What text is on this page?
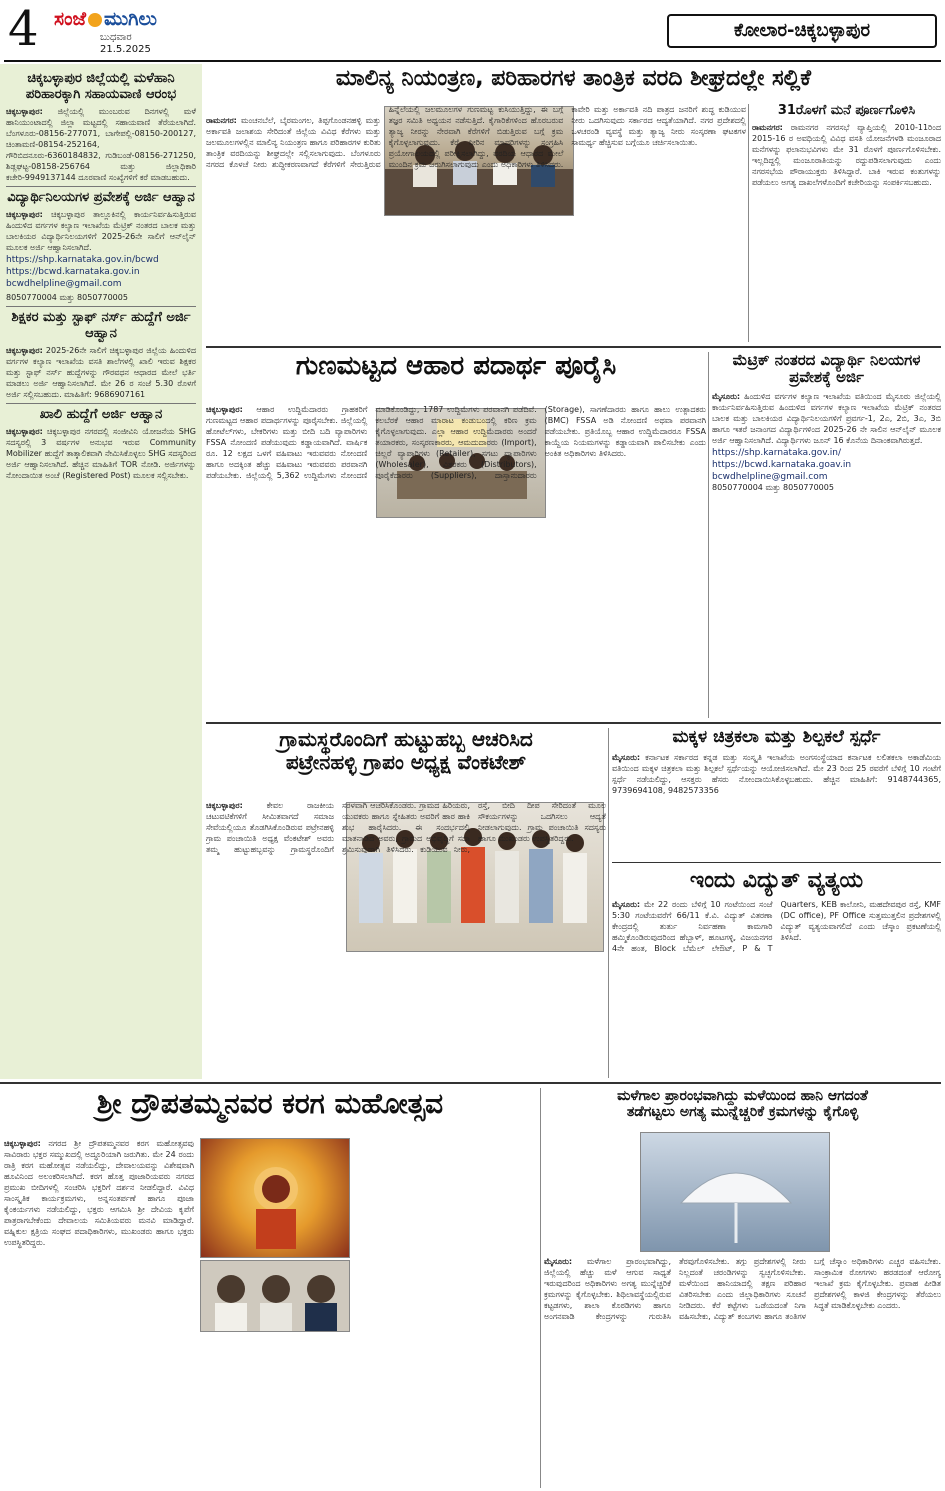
4 ಸಂಜೆ ಮುಗಿಲು
ಬುಧವಾರ
21.5.2025
ಕೋಲಾರ-ಚಿಕ್ಕಬಳ್ಳಾಪುರ
ಚಿಕ್ಕಬಳ್ಳಾಪುರ ಜಿಲ್ಲೆಯಲ್ಲಿ ಮಳೆಹಾನಿ ಪರಿಹಾರಕ್ಕಾಗಿ ಸಹಾಯವಾಣಿ ಆರಂಭ
ಚಿಕ್ಕಬಳ್ಳಾಪುರ: ಜಿಲ್ಲೆಯಲ್ಲಿ ಮುಂಬರುವ ದಿನಗಳಲ್ಲಿ ಮಳೆ ಹಾನಿಯುಂಟಾದಲ್ಲಿ ಜಿಲ್ಲಾ ಮಟ್ಟದಲ್ಲಿ ಸಹಾಯವಾಣಿ ತೆರೆಯಲಾಗಿದೆ. ಬೆಂಗಳೂರು-08156-277071, ಬಾಗೇಪಲ್ಲಿ-08150-200127, ಚಿಂತಾಮಣಿ-08154-252164, ಗೌರಿಬಿದನೂರು-6360184832, ಗುಡಿಬಂಡೆ-08156-271250, ಶಿಡ್ಲಘಟ್ಟ-08158-256764 ಮತ್ತು ಜಿಲ್ಲಾಧಿಕಾರಿ ಕಚೇರಿ-9949137144 ದೂರವಾಣಿ ಸಂಖ್ಯೆಗಳಿಗೆ ಕರೆ ಮಾಡಬಹುದು.
ವಿದ್ಯಾರ್ಥಿನಿಲಯಗಳ ಪ್ರವೇಶಕ್ಕೆ ಅರ್ಜಿ ಆಹ್ವಾನ
ಚಿಕ್ಕಬಳ್ಳಾಪುರ: ಚಿಕ್ಕಬಳ್ಳಾಪುರ ತಾಲ್ಲೂಕಿನಲ್ಲಿ ಕಾರ್ಯನಿರ್ವಹಿಸುತ್ತಿರುವ ಹಿಂದುಳಿದ ವರ್ಗಗಳ ಕಲ್ಯಾಣ ಇಲಾಖೆಯ ಮೆಟ್ರಿಕ್ ನಂತರದ ಬಾಲಕ ಮತ್ತು ಬಾಲಕಿಯರ ವಿದ್ಯಾರ್ಥಿನಿಲಯಗಳಿಗೆ 2025-26ನೇ ಸಾಲಿಗೆ ಆನ್‌ಲೈನ್ ಮೂಲಕ ಅರ್ಜಿ ಆಹ್ವಾನಿಸಲಾಗಿದೆ.
https://shp.karnataka.gov.in/bcwd
https://bcwd.karnataka.gov.in
bcwdhelpline@gmail.com
8050770004 ಮತ್ತು 8050770005
ಶಿಕ್ಷಕರ ಮತ್ತು ಸ್ಟಾಫ್ ನರ್ಸ್ ಹುದ್ದೆಗೆ ಅರ್ಜಿ ಆಹ್ವಾನ
ಚಿಕ್ಕಬಳ್ಳಾಪುರ: 2025-26ನೇ ಸಾಲಿಗೆ ಚಿಕ್ಕಬಳ್ಳಾಪುರ ಜಿಲ್ಲೆಯ ಹಿಂದುಳಿದ ವರ್ಗಗಳ ಕಲ್ಯಾಣ ಇಲಾಖೆಯ ವಸತಿ ಶಾಲೆಗಳಲ್ಲಿ ಖಾಲಿ ಇರುವ ಶಿಕ್ಷಕರ ಮತ್ತು ಸ್ಟಾಫ್ ನರ್ಸ್ ಹುದ್ದೆಗಳನ್ನು ಗೌರವಧನ ಆಧಾರದ ಮೇಲೆ ಭರ್ತಿ ಮಾಡಲು ಅರ್ಜಿ ಆಹ್ವಾನಿಸಲಾಗಿದೆ. ಮೇ 26 ರ ಸಂಜೆ 5.30 ರೊಳಗೆ ಅರ್ಜಿ ಸಲ್ಲಿಸಬಹುದು. ಮಾಹಿತಿಗೆ: 9686907161
ಖಾಲಿ ಹುದ್ದೆಗೆ ಅರ್ಜಿ ಆಹ್ವಾನ
ಚಿಕ್ಕಬಳ್ಳಾಪುರ: ಚಿಕ್ಕಬಳ್ಳಾಪುರ ನಗರದಲ್ಲಿ ಸಂಜೀವಿನಿ ಯೋಜನೆಯ SHG ಸದಸ್ಯರಲ್ಲಿ 3 ವರ್ಷಗಳ ಅನುಭವ ಇರುವ Community Mobilizer ಹುದ್ದೆಗೆ ತಾತ್ಕಾಲಿಕವಾಗಿ ನೇಮಿಸಿಕೊಳ್ಳಲು SHG ಸದಸ್ಯರಿಂದ ಅರ್ಜಿ ಆಹ್ವಾನಿಸಲಾಗಿದೆ. ಹೆಚ್ಚಿನ ಮಾಹಿತಿಗೆ TOR ನೋಡಿ. ಅರ್ಜಿಗಳನ್ನು ನೋಂದಾಯಿತ ಅಂಚೆ (Registered Post) ಮೂಲಕ ಸಲ್ಲಿಸಬೇಕು.
ಮಾಲಿನ್ಯ ನಿಯಂತ್ರಣ, ಪರಿಹಾರಗಳ ತಾಂತ್ರಿಕ ವರದಿ ಶೀಘ್ರದಲ್ಲೇ ಸಲ್ಲಿಕೆ
ರಾಮನಗರ: ಮಂಚನಬೆಲೆ, ಬೈರಮಂಗಲ, ತಿಪ್ಪಗೊಂಡನಹಳ್ಳಿ ಮತ್ತು ಅರ್ಕಾವತಿ ಜಲಾಶಯ ಸೇರಿದಂತೆ ಜಿಲ್ಲೆಯ ವಿವಿಧ ಕೆರೆಗಳು ಮತ್ತು ಜಲಮೂಲಗಳಲ್ಲಿನ ಮಾಲಿನ್ಯ ನಿಯಂತ್ರಣ ಹಾಗೂ ಪರಿಹಾರಗಳ ಕುರಿತು ತಾಂತ್ರಿಕ ವರದಿಯನ್ನು ಶೀಘ್ರದಲ್ಲೇ ಸಲ್ಲಿಸಲಾಗುವುದು. ಬೆಂಗಳೂರು ನಗರದ ಕೊಳಚೆ ನೀರು ಶುದ್ಧೀಕರಣವಾಗದೆ ಕೆರೆಗಳಿಗೆ ಸೇರುತ್ತಿರುವ ಹಿನ್ನೆಲೆಯಲ್ಲಿ ಜಲಮೂಲಗಳ ಗುಣಮಟ್ಟ ಕುಸಿಯುತ್ತಿದ್ದು, ಈ ಬಗ್ಗೆ ತಜ್ಞರ ಸಮಿತಿ ಅಧ್ಯಯನ ನಡೆಸುತ್ತಿದೆ. ಕೈಗಾರಿಕೆಗಳಿಂದ ಹೊರಬರುವ ತ್ಯಾಜ್ಯ ನೀರನ್ನು ನೇರವಾಗಿ ಕೆರೆಗಳಿಗೆ ಬಿಡುತ್ತಿರುವ ಬಗ್ಗೆ ಕ್ರಮ ಕೈಗೊಳ್ಳಲಾಗುವುದು. ಕೆರೆ ನೀರಿನ ಮಾದರಿಗಳನ್ನು ಸಂಗ್ರಹಿಸಿ ಪ್ರಯೋಗಾಲಯದಲ್ಲಿ ಪರೀಕ್ಷಿಸಲಾಗಿದ್ದು, ವರದಿಯ ಆಧಾರದ ಮೇಲೆ ಮುಂದಿನ ಕ್ರಮ ಜರುಗಿಸಲಾಗುವುದು ಎಂದು ಅಧಿಕಾರಿಗಳು ತಿಳಿಸಿದರು. ಕಾವೇರಿ ಮತ್ತು ಅರ್ಕಾವತಿ ನದಿ ಪಾತ್ರದ ಜನರಿಗೆ ಶುದ್ಧ ಕುಡಿಯುವ ನೀರು ಒದಗಿಸುವುದು ಸರ್ಕಾರದ ಆದ್ಯತೆಯಾಗಿದೆ. ನಗರ ಪ್ರದೇಶದಲ್ಲಿ ಒಳಚರಂಡಿ ವ್ಯವಸ್ಥೆ ಮತ್ತು ತ್ಯಾಜ್ಯ ನೀರು ಸಂಸ್ಕರಣಾ ಘಟಕಗಳ ಸಾಮರ್ಥ್ಯ ಹೆಚ್ಚಿಸುವ ಬಗ್ಗೆಯೂ ಚರ್ಚಿಸಲಾಯಿತು.
31ರೊಳಗೆ ಮನೆ ಪೂರ್ಣಗೊಳಿಸಿ
ರಾಮನಗರ: ರಾಮನಗರ ನಗರಸಭೆ ವ್ಯಾಪ್ತಿಯಲ್ಲಿ 2010-11ರಿಂದ 2015-16 ರ ಅವಧಿಯಲ್ಲಿ ವಿವಿಧ ವಸತಿ ಯೋಜನೆಗಳಡಿ ಮಂಜೂರಾದ ಮನೆಗಳನ್ನು ಫಲಾನುಭವಿಗಳು ಮೇ 31 ರೊಳಗೆ ಪೂರ್ಣಗೊಳಿಸಬೇಕು. ಇಲ್ಲದಿದ್ದಲ್ಲಿ ಮಂಜೂರಾತಿಯನ್ನು ರದ್ದುಪಡಿಸಲಾಗುವುದು ಎಂದು ನಗರಸಭೆಯ ಪೌರಾಯುಕ್ತರು ತಿಳಿಸಿದ್ದಾರೆ. ಬಾಕಿ ಇರುವ ಕಂತುಗಳನ್ನು ಪಡೆಯಲು ಅಗತ್ಯ ದಾಖಲೆಗಳೊಂದಿಗೆ ಕಚೇರಿಯನ್ನು ಸಂಪರ್ಕಿಸಬಹುದು.
ಗುಣಮಟ್ಟದ ಆಹಾರ ಪದಾರ್ಥ ಪೂರೈಸಿ
ಚಿಕ್ಕಬಳ್ಳಾಪುರ: ಆಹಾರ ಉದ್ದಿಮೆದಾರರು ಗ್ರಾಹಕರಿಗೆ ಗುಣಮಟ್ಟದ ಆಹಾರ ಪದಾರ್ಥಗಳನ್ನು ಪೂರೈಸಬೇಕು. ಜಿಲ್ಲೆಯಲ್ಲಿ ಹೋಟೆಲ್‌ಗಳು, ಬೇಕರಿಗಳು ಮತ್ತು ಬೀದಿ ಬದಿ ವ್ಯಾಪಾರಿಗಳು FSSA ನೋಂದಣಿ ಪಡೆಯುವುದು ಕಡ್ಡಾಯವಾಗಿದೆ. ವಾರ್ಷಿಕ ರೂ. 12 ಲಕ್ಷದ ಒಳಗೆ ವಹಿವಾಟು ಇರುವವರು ನೋಂದಣಿ ಹಾಗೂ ಅದಕ್ಕಿಂತ ಹೆಚ್ಚು ವಹಿವಾಟು ಇರುವವರು ಪರವಾನಗಿ ಪಡೆಯಬೇಕು. ಜಿಲ್ಲೆಯಲ್ಲಿ 5,362 ಉದ್ದಿಮೆಗಳು ನೋಂದಣಿ ಮಾಡಿಕೊಂಡಿದ್ದು, 1787 ಉದ್ದಿಮೆಗಳು ಪರವಾನಗಿ ಪಡೆದಿವೆ. ಕಲಬೆರಕೆ ಆಹಾರ ಮಾರಾಟ ಕಂಡುಬಂದಲ್ಲಿ ಕಠಿಣ ಕ್ರಮ ಕೈಗೊಳ್ಳಲಾಗುವುದು. ಎಲ್ಲಾ ಆಹಾರ ಉದ್ದಿಮೆದಾರರು ಅಂದರೆ ತಯಾರಕರು, ಸಂಸ್ಕರಣಕಾರರು, ಆಮದುದಾರರು (Import), ಚಿಲ್ಲರೆ ವ್ಯಾಪಾರಿಗಳು (Retailer), ಸಗಟು ವ್ಯಾಪಾರಿಗಳು (Wholesaler), ವಿತರಕರು (Distributors), ಪೂರೈಕೆದಾರರು (Suppliers), ದಾಸ್ತಾನುದಾರರು (Storage), ಸಾಗಣೆದಾರರು ಹಾಗೂ ಹಾಲು ಉತ್ಪಾದಕರು (BMC) FSSA ಅಡಿ ನೋಂದಣಿ ಅಥವಾ ಪರವಾನಗಿ ಪಡೆಯಬೇಕು. ಪ್ರತಿಯೊಬ್ಬ ಆಹಾರ ಉದ್ದಿಮೆದಾರರೂ FSSA ಕಾಯ್ದೆಯ ನಿಯಮಗಳನ್ನು ಕಡ್ಡಾಯವಾಗಿ ಪಾಲಿಸಬೇಕು ಎಂದು ಅಂಕಿತ ಅಧಿಕಾರಿಗಳು ತಿಳಿಸಿದರು.
ಮೆಟ್ರಿಕ್ ನಂತರದ ವಿದ್ಯಾರ್ಥಿ ನಿಲಯಗಳ ಪ್ರವೇಶಕ್ಕೆ ಅರ್ಜಿ
ಮೈಸೂರು: ಹಿಂದುಳಿದ ವರ್ಗಗಳ ಕಲ್ಯಾಣ ಇಲಾಖೆಯ ವತಿಯಿಂದ ಮೈಸೂರು ಜಿಲ್ಲೆಯಲ್ಲಿ ಕಾರ್ಯನಿರ್ವಹಿಸುತ್ತಿರುವ ಹಿಂದುಳಿದ ವರ್ಗಗಳ ಕಲ್ಯಾಣ ಇಲಾಖೆಯ ಮೆಟ್ರಿಕ್ ನಂತರದ ಬಾಲಕ ಮತ್ತು ಬಾಲಕಿಯರ ವಿದ್ಯಾರ್ಥಿನಿಲಯಗಳಿಗೆ ಪ್ರವರ್ಗ-1, 2ಎ, 2ಬಿ, 3ಎ, 3ಬಿ ಹಾಗೂ ಇತರೆ ಜನಾಂಗದ ವಿದ್ಯಾರ್ಥಿಗಳಿಂದ 2025-26 ನೇ ಸಾಲಿನ ಆನ್‌ಲೈನ್ ಮೂಲಕ ಅರ್ಜಿ ಆಹ್ವಾನಿಸಲಾಗಿದೆ. ವಿದ್ಯಾರ್ಥಿಗಳು ಜೂನ್ 16 ಕೊನೆಯ ದಿನಾಂಕವಾಗಿರುತ್ತದೆ.
https://shp.karnataka.gov.in/
https://bcwd.karnataka.goav.in
bcwdhelpline@gmail.com
8050770004 ಮತ್ತು 8050770005
ಗ್ರಾಮಸ್ಥರೊಂದಿಗೆ ಹುಟ್ಟುಹಬ್ಬ ಆಚರಿಸಿದ
ಪಟ್ರೇನಹಳ್ಳಿ ಗ್ರಾಪಂ ಅಧ್ಯಕ್ಷ ವೆಂಕಟೇಶ್
ಚಿಕ್ಕಬಳ್ಳಾಪುರ:	ಕೇವಲ ರಾಜಕೀಯ ಚಟುವಟಿಕೆಗಳಿಗೆ ಸೀಮಿತವಾಗದೆ ಸಮಾಜ ಸೇವೆಯಲ್ಲಿಯೂ ತೊಡಗಿಸಿಕೊಂಡಿರುವ ಪಟ್ರೇನಹಳ್ಳಿ ಗ್ರಾಮ ಪಂಚಾಯಿತಿ ಅಧ್ಯಕ್ಷ ವೆಂಕಟೇಶ್ ಅವರು ತಮ್ಮ ಹುಟ್ಟುಹಬ್ಬವನ್ನು ಗ್ರಾಮಸ್ಥರೊಂದಿಗೆ ಸರಳವಾಗಿ ಆಚರಿಸಿಕೊಂಡರು. ಗ್ರಾಮದ ಹಿರಿಯರು, ಯುವಕರು ಹಾಗೂ ಸ್ನೇಹಿತರು ಅವರಿಗೆ ಹಾರ ಹಾಕಿ ಶುಭ ಹಾರೈಸಿದರು. ಈ ಸಂದರ್ಭದಲ್ಲಿ ಮಾತನಾಡಿದ ಅವರು, ಗ್ರಾಮದ ಅಭಿವೃದ್ಧಿಗೆ ಸದಾ ಶ್ರಮಿಸುವುದಾಗಿ ತಿಳಿಸಿದರು. ಕುಡಿಯುವ ನೀರು, ರಸ್ತೆ, ಬೀದಿ ದೀಪ ಸೇರಿದಂತೆ ಮೂಲ ಸೌಕರ್ಯಗಳನ್ನು ಒದಗಿಸಲು ಆದ್ಯತೆ ನೀಡಲಾಗುವುದು. ಗ್ರಾಮ ಪಂಚಾಯಿತಿ ಸದಸ್ಯರು ಹಾಗೂ ಮುಖಂಡರು ಉಪಸ್ಥಿತರಿದ್ದರು.
ಮಕ್ಕಳ ಚಿತ್ರಕಲಾ ಮತ್ತು ಶಿಲ್ಪಕಲೆ ಸ್ಪರ್ಧೆ
ಮೈಸೂರು: ಕರ್ನಾಟಕ ಸರ್ಕಾರದ ಕನ್ನಡ ಮತ್ತು ಸಂಸ್ಕೃತಿ ಇಲಾಖೆಯ ಅಂಗಸಂಸ್ಥೆಯಾದ ಕರ್ನಾಟಕ ಲಲಿತಕಲಾ ಅಕಾಡೆಮಿಯ ವತಿಯಿಂದ ಮಕ್ಕಳ ಚಿತ್ರಕಲಾ ಮತ್ತು ಶಿಲ್ಪಕಲೆ ಸ್ಪರ್ಧೆಯನ್ನು ಆಯೋಜಿಸಲಾಗಿದೆ. ಮೇ 23 ರಿಂದ 25 ರವರೆಗೆ ಬೆಳಿಗ್ಗೆ 10 ಗಂಟೆಗೆ ಸ್ಪರ್ಧೆ ನಡೆಯಲಿದ್ದು, ಆಸಕ್ತರು ಹೆಸರು ನೋಂದಾಯಿಸಿಕೊಳ್ಳಬಹುದು. ಹೆಚ್ಚಿನ ಮಾಹಿತಿಗೆ: 9148744365, 9739694108, 9482573356
ಇಂದು ವಿದ್ಯುತ್ ವ್ಯತ್ಯಯ
ಮೈಸೂರು: ಮೇ 22 ರಂದು ಬೆಳಿಗ್ಗೆ 10 ಗಂಟೆಯಿಂದ ಸಂಜೆ 5:30 ಗಂಟೆಯವರೆಗೆ 66/11 ಕೆ.ವಿ. ವಿದ್ಯುತ್ ವಿತರಣಾ ಕೇಂದ್ರದಲ್ಲಿ ತುರ್ತು ನಿರ್ವಹಣಾ ಕಾಮಗಾರಿ ಹಮ್ಮಿಕೊಂಡಿರುವುದರಿಂದ ಹೆಬ್ಬಾಳ್, ಹೂಟಗಳ್ಳಿ, ವಿಜಯನಗರ 4ನೇ ಹಂತ, Block ಬೆಮೆಲ್ ಲೇಔಟ್, P & T Quarters, KEB ಕಾಲೋನಿ, ಮಹದೇವಪುರ ರಸ್ತೆ, KMF (DC office), PF Office ಸುತ್ತಮುತ್ತಲಿನ ಪ್ರದೇಶಗಳಲ್ಲಿ ವಿದ್ಯುತ್ ವ್ಯತ್ಯಯವಾಗಲಿದೆ ಎಂದು ಚೆಸ್ಕಾಂ ಪ್ರಕಟಣೆಯಲ್ಲಿ ತಿಳಿಸಿದೆ.
ಶ್ರೀ ದ್ರೌಪತಮ್ಮನವರ ಕರಗ ಮಹೋತ್ಸವ
ಚಿಕ್ಕಬಳ್ಳಾಪುರ: ನಗರದ ಶ್ರೀ ದ್ರೌಪತಮ್ಮನವರ ಕರಗ ಮಹೋತ್ಸವವು ಸಾವಿರಾರು ಭಕ್ತರ ಸಮ್ಮುಖದಲ್ಲಿ ಅದ್ಧೂರಿಯಾಗಿ ಜರುಗಿತು. ಮೇ 24 ರಂದು ರಾತ್ರಿ ಕರಗ ಮಹೋತ್ಸವ ನಡೆಯಲಿದ್ದು, ದೇವಾಲಯವನ್ನು ವಿಶೇಷವಾಗಿ ಹೂವಿನಿಂದ ಅಲಂಕರಿಸಲಾಗಿದೆ. ಕರಗ ಹೊತ್ತ ಪೂಜಾರಿಯವರು ನಗರದ ಪ್ರಮುಖ ಬೀದಿಗಳಲ್ಲಿ ಸಂಚರಿಸಿ ಭಕ್ತರಿಗೆ ದರ್ಶನ ನೀಡಲಿದ್ದಾರೆ. ವಿವಿಧ ಸಾಂಸ್ಕೃತಿಕ ಕಾರ್ಯಕ್ರಮಗಳು, ಅನ್ನಸಂತರ್ಪಣೆ ಹಾಗೂ ಪೂಜಾ ಕೈಂಕರ್ಯಗಳು ನಡೆಯಲಿದ್ದು, ಭಕ್ತರು ಆಗಮಿಸಿ ಶ್ರೀ ದೇವಿಯ ಕೃಪೆಗೆ ಪಾತ್ರರಾಗಬೇಕೆಂದು ದೇವಾಲಯ ಸಮಿತಿಯವರು ಮನವಿ ಮಾಡಿದ್ದಾರೆ. ವಹ್ನಿಕುಲ ಕ್ಷತ್ರಿಯ ಸಂಘದ ಪದಾಧಿಕಾರಿಗಳು, ಮುಖಂಡರು ಹಾಗೂ ಭಕ್ತರು ಉಪಸ್ಥಿತರಿದ್ದರು.
ಮಳೆಗಾಲ ಪ್ರಾರಂಭವಾಗಿದ್ದು ಮಳೆಯಿಂದ ಹಾನಿ ಆಗದಂತೆ
ತಡೆಗಟ್ಟಲು ಅಗತ್ಯ ಮುನ್ನೆಚ್ಚರಿಕೆ ಕ್ರಮಗಳನ್ನು ಕೈಗೊಳ್ಳಿ
ಮೈಸೂರು: ಮಳೆಗಾಲ ಪ್ರಾರಂಭವಾಗಿದ್ದು, ಜಿಲ್ಲೆಯಲ್ಲಿ ಹೆಚ್ಚು ಮಳೆ ಆಗುವ ಸಾಧ್ಯತೆ ಇರುವುದರಿಂದ ಅಧಿಕಾರಿಗಳು ಅಗತ್ಯ ಮುನ್ನೆಚ್ಚರಿಕೆ ಕ್ರಮಗಳನ್ನು ಕೈಗೊಳ್ಳಬೇಕು. ಶಿಥಿಲಾವಸ್ಥೆಯಲ್ಲಿರುವ ಕಟ್ಟಡಗಳು, ಶಾಲಾ ಕೊಠಡಿಗಳು ಹಾಗೂ ಅಂಗನವಾಡಿ ಕೇಂದ್ರಗಳನ್ನು ಗುರುತಿಸಿ ತೆರವುಗೊಳಿಸಬೇಕು. ತಗ್ಗು ಪ್ರದೇಶಗಳಲ್ಲಿ ನೀರು ನಿಲ್ಲದಂತೆ ಚರಂಡಿಗಳನ್ನು ಸ್ವಚ್ಛಗೊಳಿಸಬೇಕು. ಮಳೆಯಿಂದ ಹಾನಿಯಾದಲ್ಲಿ ತಕ್ಷಣ ಪರಿಹಾರ ವಿತರಿಸಬೇಕು ಎಂದು ಜಿಲ್ಲಾಧಿಕಾರಿಗಳು ಸೂಚನೆ ನೀಡಿದರು. ಕೆರೆ ಕಟ್ಟೆಗಳು ಒಡೆಯದಂತೆ ನಿಗಾ ವಹಿಸಬೇಕು, ವಿದ್ಯುತ್ ಕಂಬಗಳು ಹಾಗೂ ತಂತಿಗಳ ಬಗ್ಗೆ ಚೆಸ್ಕಾಂ ಅಧಿಕಾರಿಗಳು ಎಚ್ಚರ ವಹಿಸಬೇಕು. ಸಾಂಕ್ರಾಮಿಕ ರೋಗಗಳು ಹರಡದಂತೆ ಆರೋಗ್ಯ ಇಲಾಖೆ ಕ್ರಮ ಕೈಗೊಳ್ಳಬೇಕು. ಪ್ರವಾಹ ಪೀಡಿತ ಪ್ರದೇಶಗಳಲ್ಲಿ ಕಾಳಜಿ ಕೇಂದ್ರಗಳನ್ನು ತೆರೆಯಲು ಸಿದ್ಧತೆ ಮಾಡಿಕೊಳ್ಳಬೇಕು ಎಂದರು.
